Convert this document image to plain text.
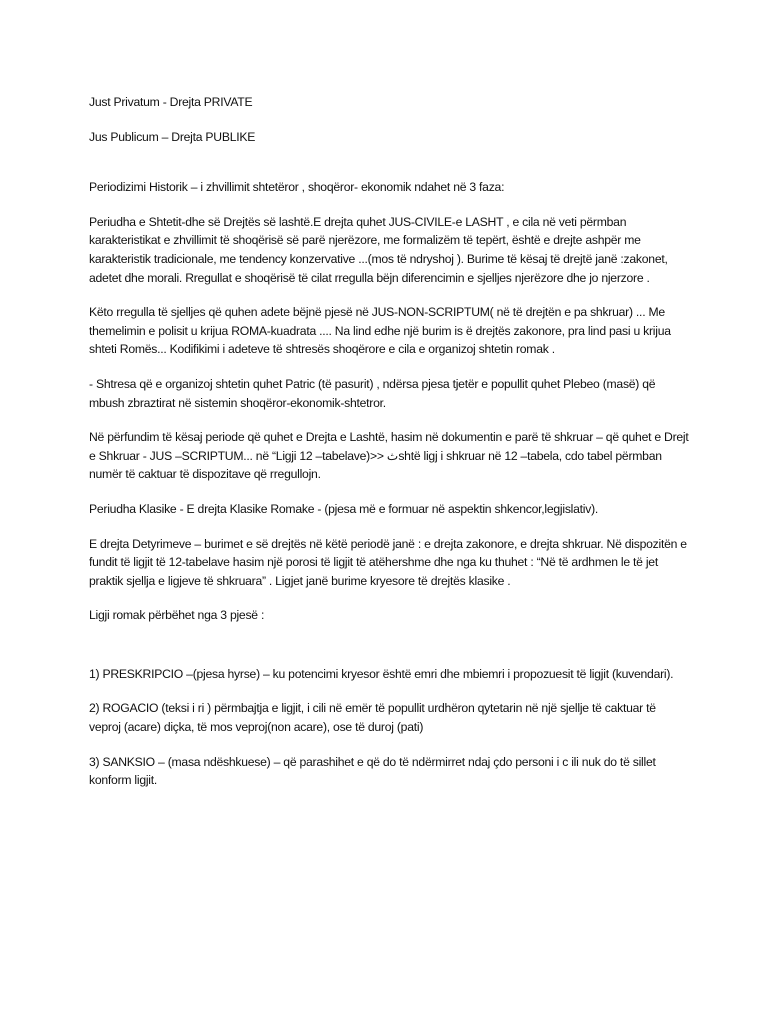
Just Privatum - Drejta PRIVATE

Jus Publicum – Drejta PUBLIKE

Periodizimi Historik – i zhvillimit shtetëror , shoqëror- ekonomik ndahet në 3 faza:

Periudha e Shtetit-dhe së Drejtës së lashtë.E drejta quhet JUS-CIVILE-e LASHT , e cila në veti përmban karakteristikat e zhvillimit të shoqërisë së parë njerëzore, me formalizëm të tepërt, është e drejte ashpër me karakteristik tradicionale, me tendency konzervative ...(mos të ndryshoj ). Burime të kësaj të drejtë janë :zakonet, adetet dhe morali. Rregullat e shoqërisë të cilat rregulla bëjn diferencimin e sjelljes njerëzore dhe jo njerzore .

Këto rregulla të sjelljes që quhen adete bëjnë pjesë në JUS-NON-SCRIPTUM( në të drejtën e pa shkruar) ... Me themelimin e polisit u krijua ROMA-kuadrata .... Na lind edhe një burim is ë drejtës zakonore, pra lind pasi u krijua shteti Romës... Kodifikimi i adeteve të shtresës shoqërore e cila e organizoj shtetin romak .

- Shtresa që e organizoj shtetin quhet Patric (të pasurit) , ndërsa pjesa tjetër e popullit quhet Plebeo (masë) që mbush zbraztirat në sistemin shoqëror-ekonomik-shtetror.

Në përfundim të kësaj periode që quhet e Drejta e Lashtë, hasim në dokumentin e parë të shkruar – që quhet e Drejt e Shkruar - JUS –SCRIPTUM... në “Ligji 12 –tabelave)>> ثshtë ligj i shkruar në 12 –tabela, cdo tabel përmban numër të caktuar të dispozitave që rregullojn.

Periudha Klasike - E drejta Klasike Romake - (pjesa më e formuar në aspektin shkencor,legjislativ).

E drejta Detyrimeve – burimet e së drejtës në këtë periodë janë : e drejta zakonore, e drejta shkruar. Në dispozitën e fundit të ligjit të 12-tabelave hasim një porosi të ligjit të atëhershme dhe nga ku thuhet : “Në të ardhmen le të jet praktik sjellja e ligjeve të shkruara” . Ligjet janë burime kryesore të drejtës klasike .

Ligji romak përbëhet nga 3 pjesë :

1) PRESKRIPCIO –(pjesa hyrse) – ku potencimi kryesor është emri dhe mbiemri i propozuesit të ligjit (kuvendari).

2) ROGACIO (teksi i ri ) përmbajtja e ligjit, i cili në emër të popullit urdhëron qytetarin në një sjellje të caktuar të veproj (acare) diçka, të mos veproj(non acare), ose të duroj (pati)

3) SANKSIO – (masa ndëshkuese) – që parashihet e që do të ndërmirret ndaj çdo personi i c ili nuk do të sillet konform ligjit.
